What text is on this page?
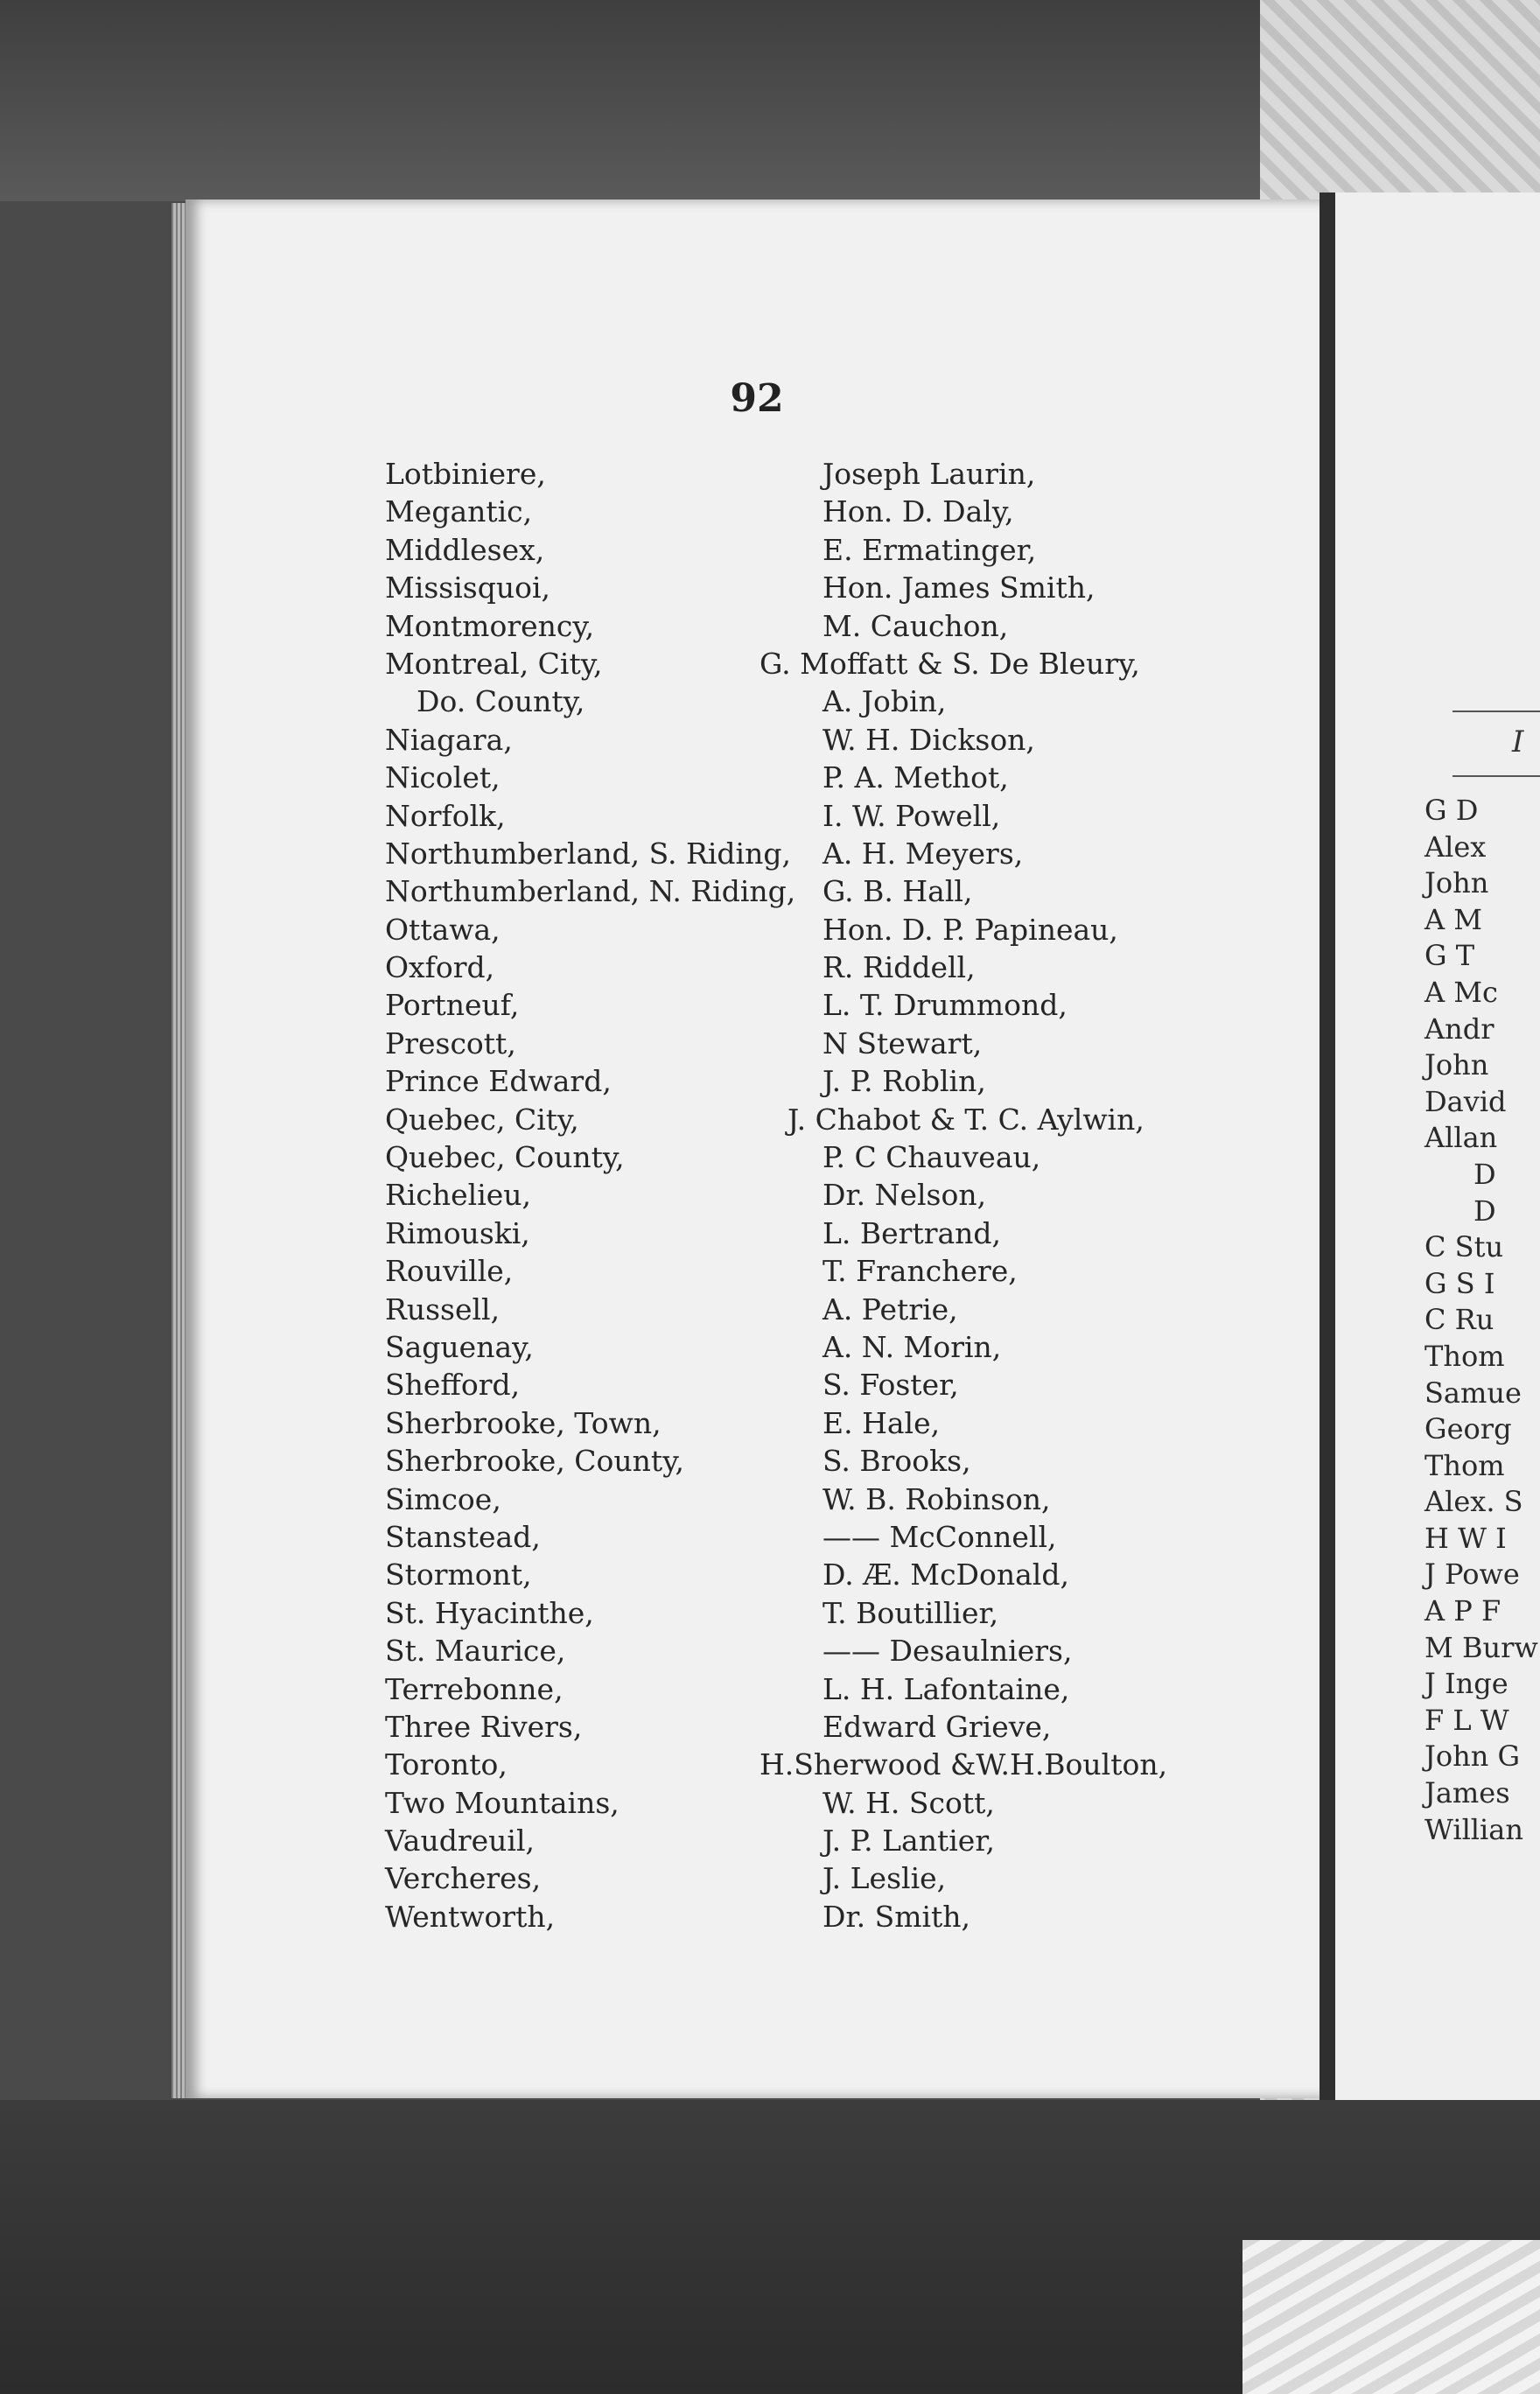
92
Lotbiniere,	Joseph Laurin,
Megantic,	Hon. D. Daly,
Middlesex,	E. Ermatinger,
Missisquoi,	Hon. James Smith,
Montmorency,	M. Cauchon,
Montreal, City,	G. Moffatt & S. De Bleury,
Do. County,	A. Jobin,
Niagara,	W. H. Dickson,
Nicolet,	P. A. Methot,
Norfolk,	I. W. Powell,
Northumberland, S. Riding, A. H. Meyers,
Northumberland, N. Riding, G. B. Hall,
Ottawa,	Hon. D. P. Papineau,
Oxford,	R. Riddell,
Portneuf,	L. T. Drummond,
Prescott,	N Stewart,
Prince Edward,	J. P. Roblin,
Quebec, City,	J. Chabot & T. C. Aylwin,
Quebec, County,	P. C Chauveau,
Richelieu,	Dr. Nelson,
Rimouski,	L. Bertrand,
Rouville,	T. Franchere,
Russell,	A. Petrie,
Saguenay,	A. N. Morin,
Shefford,	S. Foster,
Sherbrooke, Town,	E. Hale,
Sherbrooke, County,	S. Brooks,
Simcoe,	W. B. Robinson,
Stanstead,	—— McConnell,
Stormont,	D. Æ. McDonald,
St. Hyacinthe,	T. Boutillier,
St. Maurice,	—— Desaulniers,
Terrebonne,	L. H. Lafontaine,
Three Rivers,	Edward Grieve,
Toronto,	H.Sherwood &W.H.Boulton,
Two Mountains,	W. H. Scott,
Vaudreuil,	J. P. Lantier,
Vercheres,	J. Leslie,
Wentworth,	Dr. Smith,
I
G D
Alex
John
A M
G T
A Mc
Andr
John
David
Allan
D
D
C Stu
G S I
C Ru
Thom
Samue
Georg
Thom
Alex. S
H W I
J Powe
A P F
M Burw
J Inge
F L W
John G
James
Willian
